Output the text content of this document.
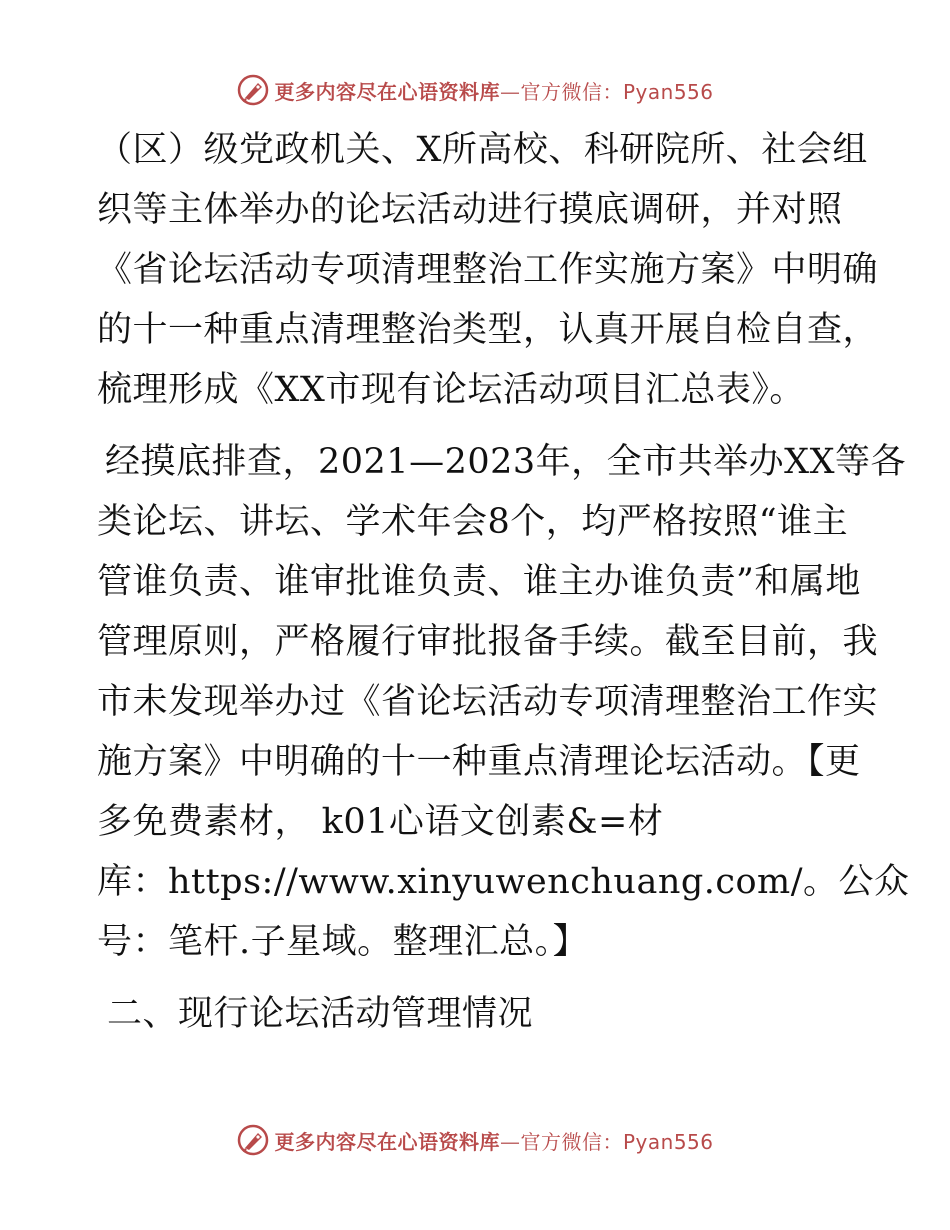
更多内容尽在心语资料库—官方微信：Pyan556
（区）级党政机关、X所高校、科研院所、社会组
织等主体举办的论坛活动进行摸底调研，并对照
《省论坛活动专项清理整治工作实施方案》中明确
的十一种重点清理整治类型，认真开展自检自查，
梳理形成《XX市现有论坛活动项目汇总表》。
经摸底排查，2021—2023年，全市共举办XX等各
类论坛、讲坛、学术年会8个，均严格按照“谁主
管谁负责、谁审批谁负责、谁主办谁负责”和属地
管理原则，严格履行审批报备手续。截至目前，我
市未发现举办过《省论坛活动专项清理整治工作实
施方案》中明确的十一种重点清理论坛活动。【更
多免费素材， k01心语文创素&=材
库：https://www.xinyuwenchuang.com/。公众
号：笔杆.子星域。整理汇总。】
二、现行论坛活动管理情况
更多内容尽在心语资料库—官方微信：Pyan556
